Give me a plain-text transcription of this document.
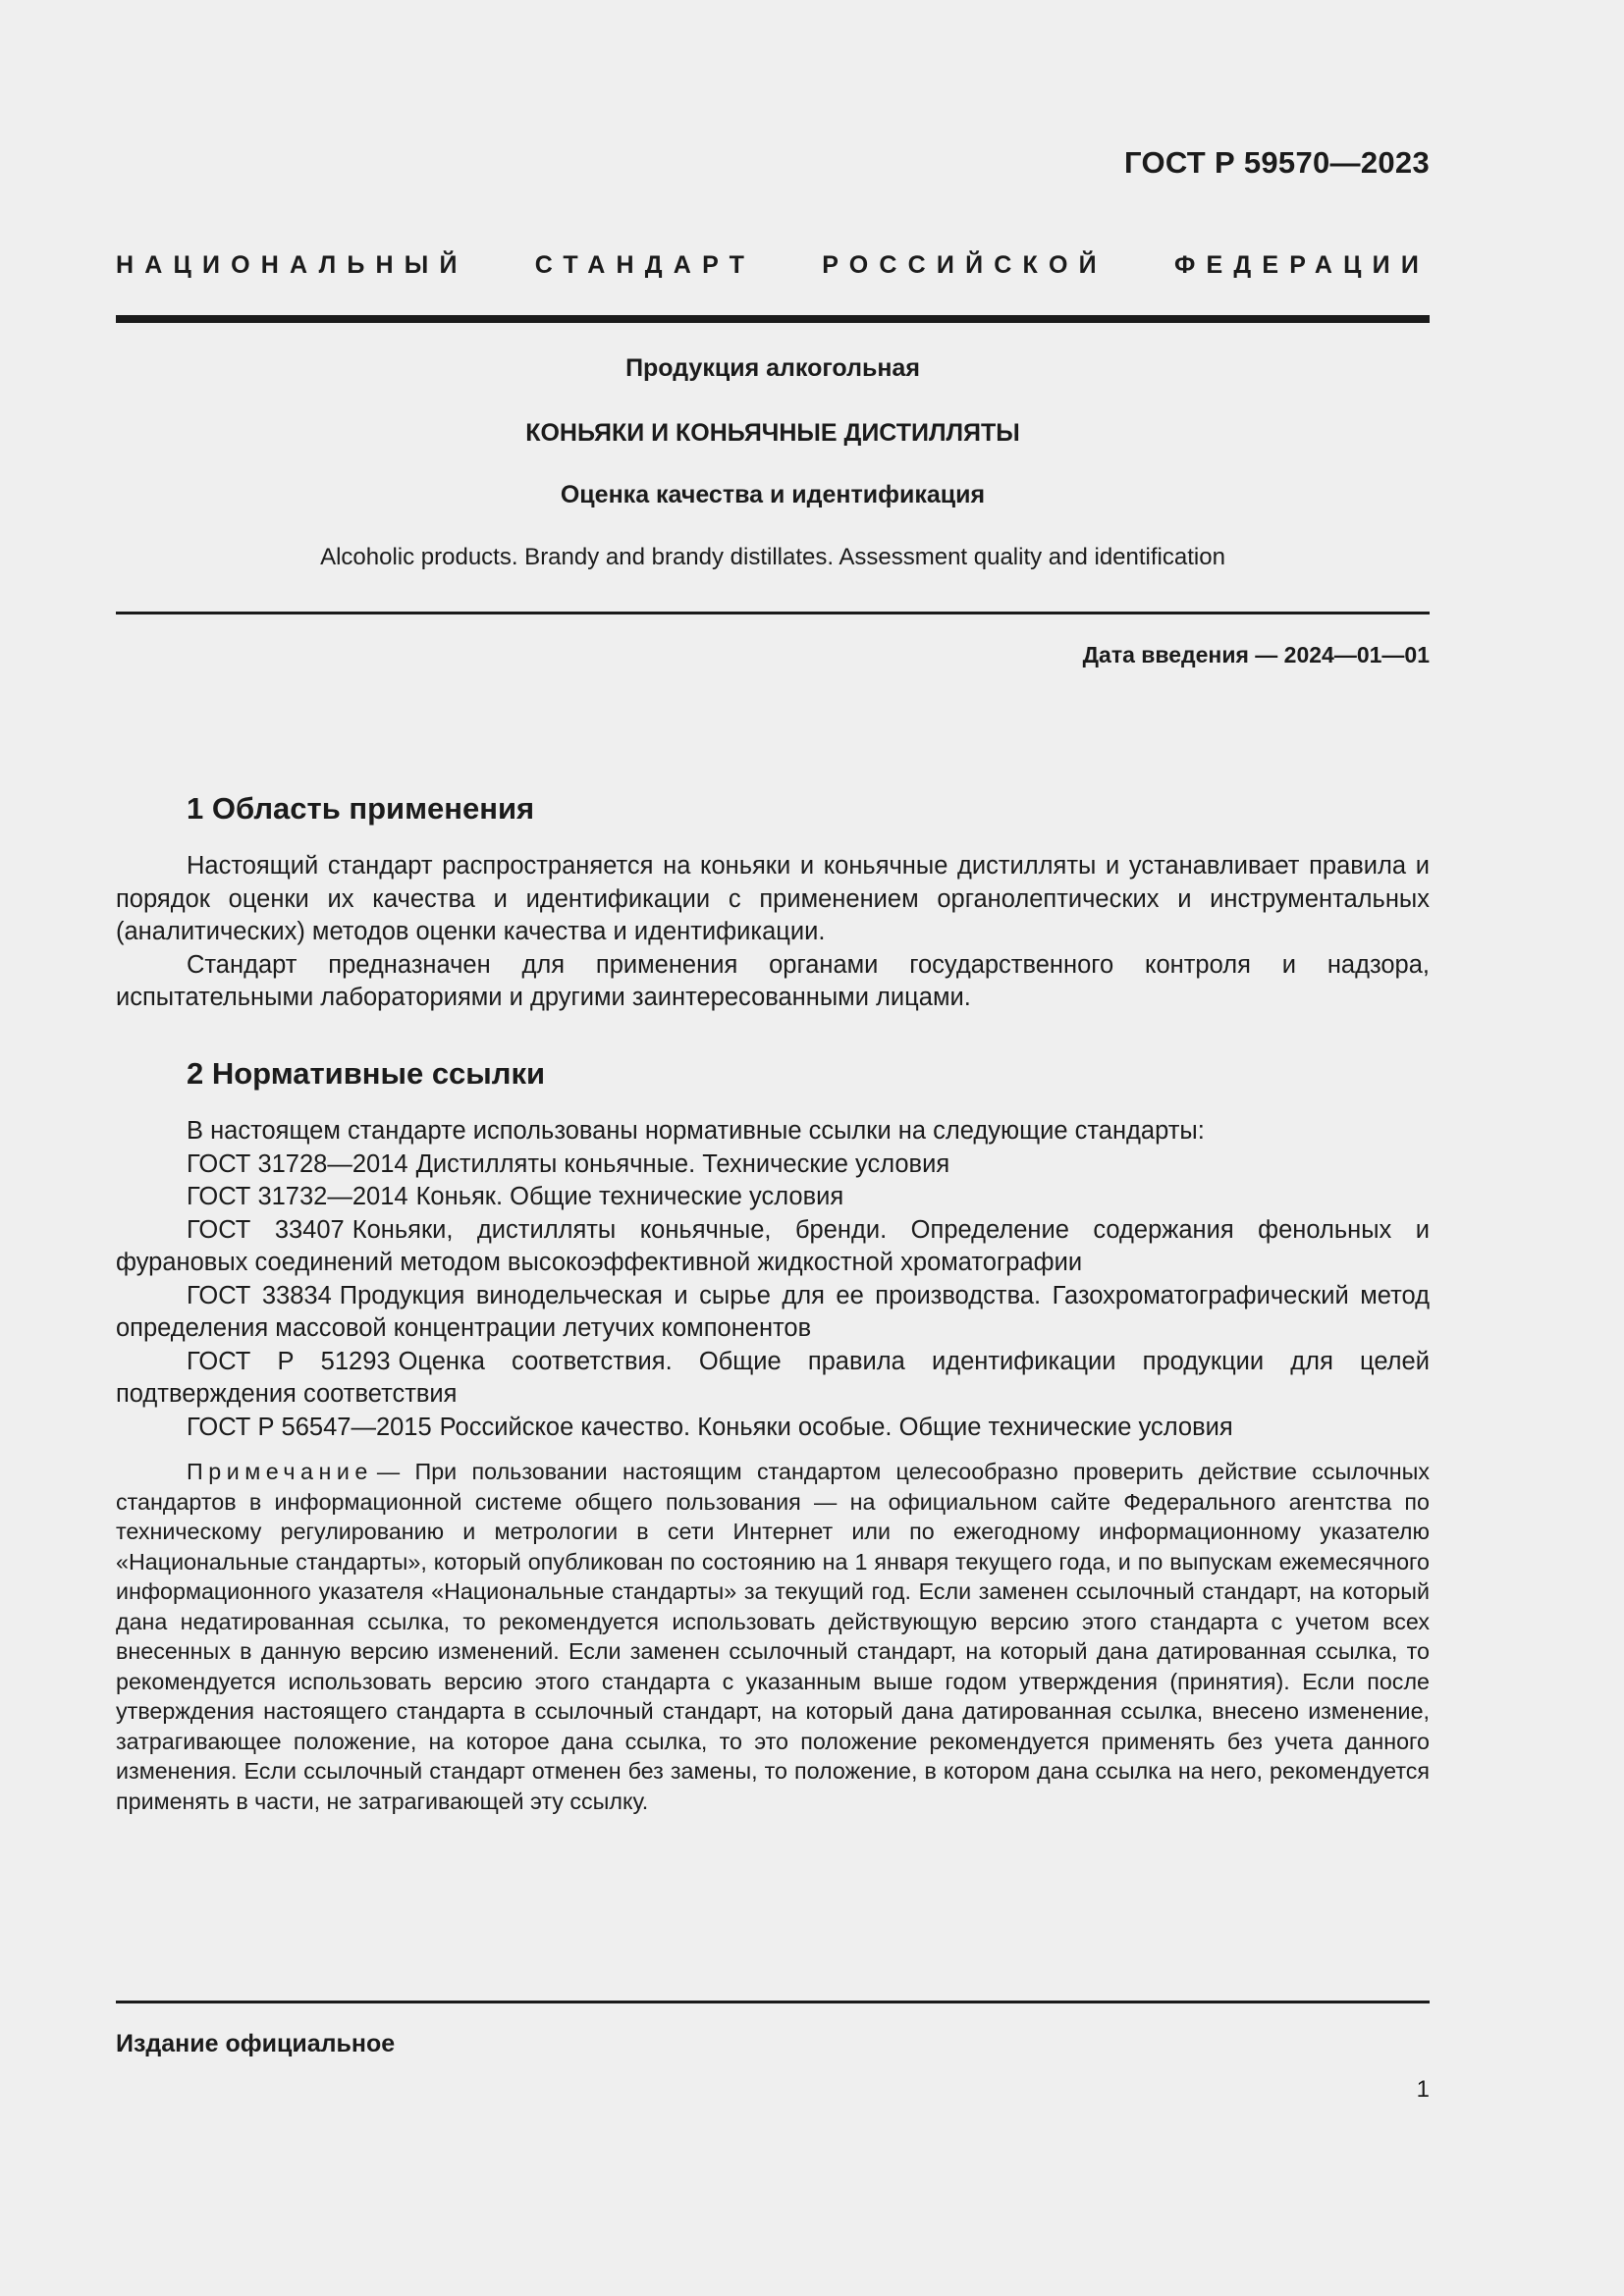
ГОСТ Р 59570—2023
НАЦИОНАЛЬНЫЙ СТАНДАРТ РОССИЙСКОЙ ФЕДЕРАЦИИ
Продукция алкогольная
КОНЬЯКИ И КОНЬЯЧНЫЕ ДИСТИЛЛЯТЫ
Оценка качества и идентификация
Alcoholic products. Brandy and brandy distillates. Assessment quality and identification
Дата введения — 2024—01—01
1 Область применения

Настоящий стандарт распространяется на коньяки и коньячные дистилляты и устанавливает правила и порядок оценки их качества и идентификации с применением органолептических и инструментальных (аналитических) методов оценки качества и идентификации.

Стандарт предназначен для применения органами государственного контроля и надзора, испытательными лабораториями и другими заинтересованными лицами.

2 Нормативные ссылки

В настоящем стандарте использованы нормативные ссылки на следующие стандарты:

ГОСТ 31728—2014 Дистилляты коньячные. Технические условия

ГОСТ 31732—2014 Коньяк. Общие технические условия

ГОСТ 33407 Коньяки, дистилляты коньячные, бренди. Определение содержания фенольных и фурановых соединений методом высокоэффективной жидкостной хроматографии

ГОСТ 33834 Продукция винодельческая и сырье для ее производства. Газохроматографический метод определения массовой концентрации летучих компонентов

ГОСТ Р 51293 Оценка соответствия. Общие правила идентификации продукции для целей подтверждения соответствия

ГОСТ Р 56547—2015 Российское качество. Коньяки особые. Общие технические условия

Примечание — При пользовании настоящим стандартом целесообразно проверить действие ссылочных стандартов в информационной системе общего пользования — на официальном сайте Федерального агентства по техническому регулированию и метрологии в сети Интернет или по ежегодному информационному указателю «Национальные стандарты», который опубликован по состоянию на 1 января текущего года, и по выпускам ежемесячного информационного указателя «Национальные стандарты» за текущий год. Если заменен ссылочный стандарт, на который дана недатированная ссылка, то рекомендуется использовать действующую версию этого стандарта с учетом всех внесенных в данную версию изменений. Если заменен ссылочный стандарт, на который дана датированная ссылка, то рекомендуется использовать версию этого стандарта с указанным выше годом утверждения (принятия). Если после утверждения настоящего стандарта в ссылочный стандарт, на который дана датированная ссылка, внесено изменение, затрагивающее положение, на которое дана ссылка, то это положение рекомендуется применять без учета данного изменения. Если ссылочный стандарт отменен без замены, то положение, в котором дана ссылка на него, рекомендуется применять в части, не затрагивающей эту ссылку.

Издание официальное
1
